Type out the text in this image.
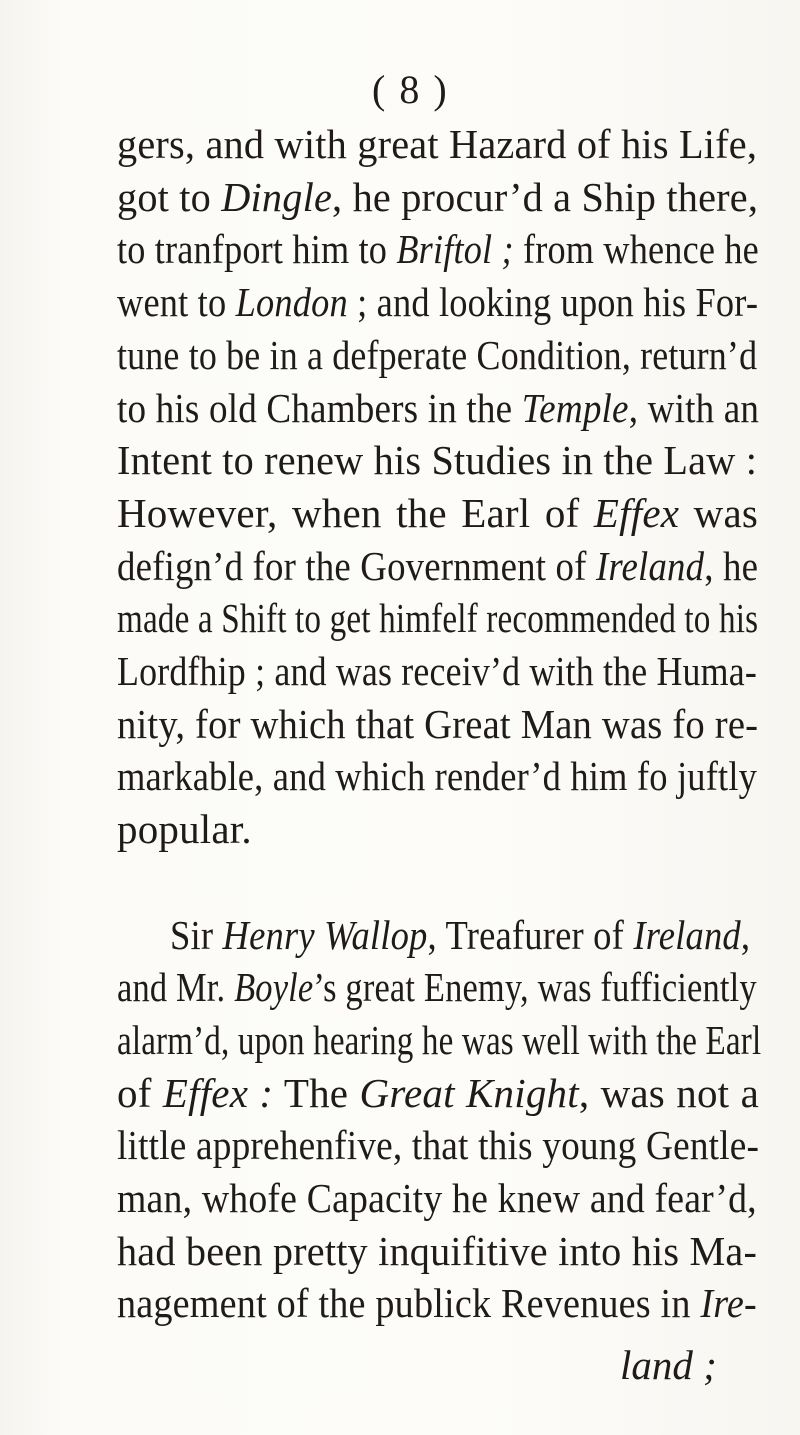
( 8 )
gers, and with great Hazard of his Life,
got to Dingle, he procur’d a Ship there,
to tranfport him to Briftol ; from whence he
went to London ; and looking upon his For-
tune to be in a defperate Condition, return’d
to his old Chambers in the Temple, with an
Intent to renew his Studies in the Law :
However, when the Earl of Effex was
defign’d for the Government of Ireland, he
made a Shift to get himfelf recommended to his
Lordfhip ; and was receiv’d with the Huma-
nity, for which that Great Man was fo re-
markable, and which render’d him fo juftly
popular.
Sir Henry Wallop, Treafurer of Ireland,
and Mr. Boyle’s great Enemy, was fufficiently
alarm’d, upon hearing he was well with the Earl
of Effex : The Great Knight, was not a
little apprehenfive, that this young Gentle-
man, whofe Capacity he knew and fear’d,
had been pretty inquifitive into his Ma-
nagement of the publick Revenues in Ire-
land ;
